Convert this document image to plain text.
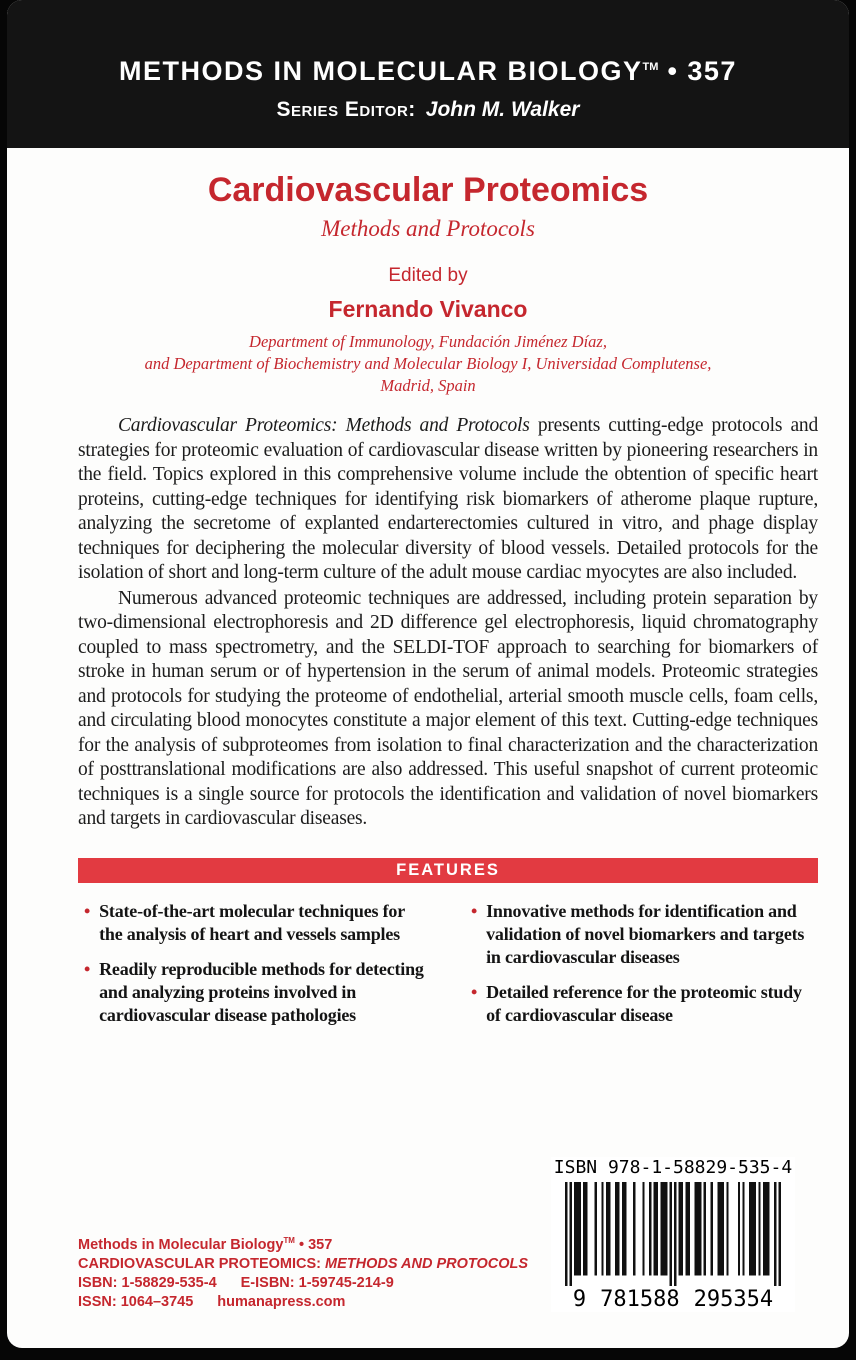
METHODS IN MOLECULAR BIOLOGY™ • 357
Series Editor: John M. Walker
Cardiovascular Proteomics
Methods and Protocols
Edited by
Fernando Vivanco
Department of Immunology, Fundación Jiménez Díaz,
and Department of Biochemistry and Molecular Biology I, Universidad Complutense,
Madrid, Spain

Cardiovascular Proteomics: Methods and Protocols presents cutting-edge protocols and strategies for proteomic evaluation of cardiovascular disease written by pioneering researchers in the field. Topics explored in this comprehensive volume include the obtention of specific heart proteins, cutting-edge techniques for identifying risk biomarkers of atherome plaque rupture, analyzing the secretome of explanted endarterectomies cultured in vitro, and phage display techniques for deciphering the molecular diversity of blood vessels. Detailed protocols for the isolation of short and long-term culture of the adult mouse cardiac myocytes are also included.

Numerous advanced proteomic techniques are addressed, including protein separation by two-dimensional electrophoresis and 2D difference gel electrophoresis, liquid chromatography coupled to mass spectrometry, and the SELDI-TOF approach to searching for biomarkers of stroke in human serum or of hypertension in the serum of animal models. Proteomic strategies and protocols for studying the proteome of endothelial, arterial smooth muscle cells, foam cells, and circulating blood monocytes constitute a major element of this text. Cutting-edge techniques for the analysis of subproteomes from isolation to final characterization and the characterization of posttranslational modifications are also addressed. This useful snapshot of current proteomic techniques is a single source for protocols the identification and validation of novel biomarkers and targets in cardiovascular diseases.

FEATURES
• State-of-the-art molecular techniques for the analysis of heart and vessels samples
• Readily reproducible methods for detecting and analyzing proteins involved in cardiovascular disease pathologies
• Innovative methods for identification and validation of novel biomarkers and targets in cardiovascular diseases
• Detailed reference for the proteomic study of cardiovascular disease
Methods in Molecular Biology™ • 357
CARDIOVASCULAR PROTEOMICS: METHODS AND PROTOCOLS
ISBN: 1-58829-535-4 E-ISBN: 1-59745-214-9
ISSN: 1064–3745 humanapress.com
ISBN 978-1-58829-535-4
9 781588 295354
